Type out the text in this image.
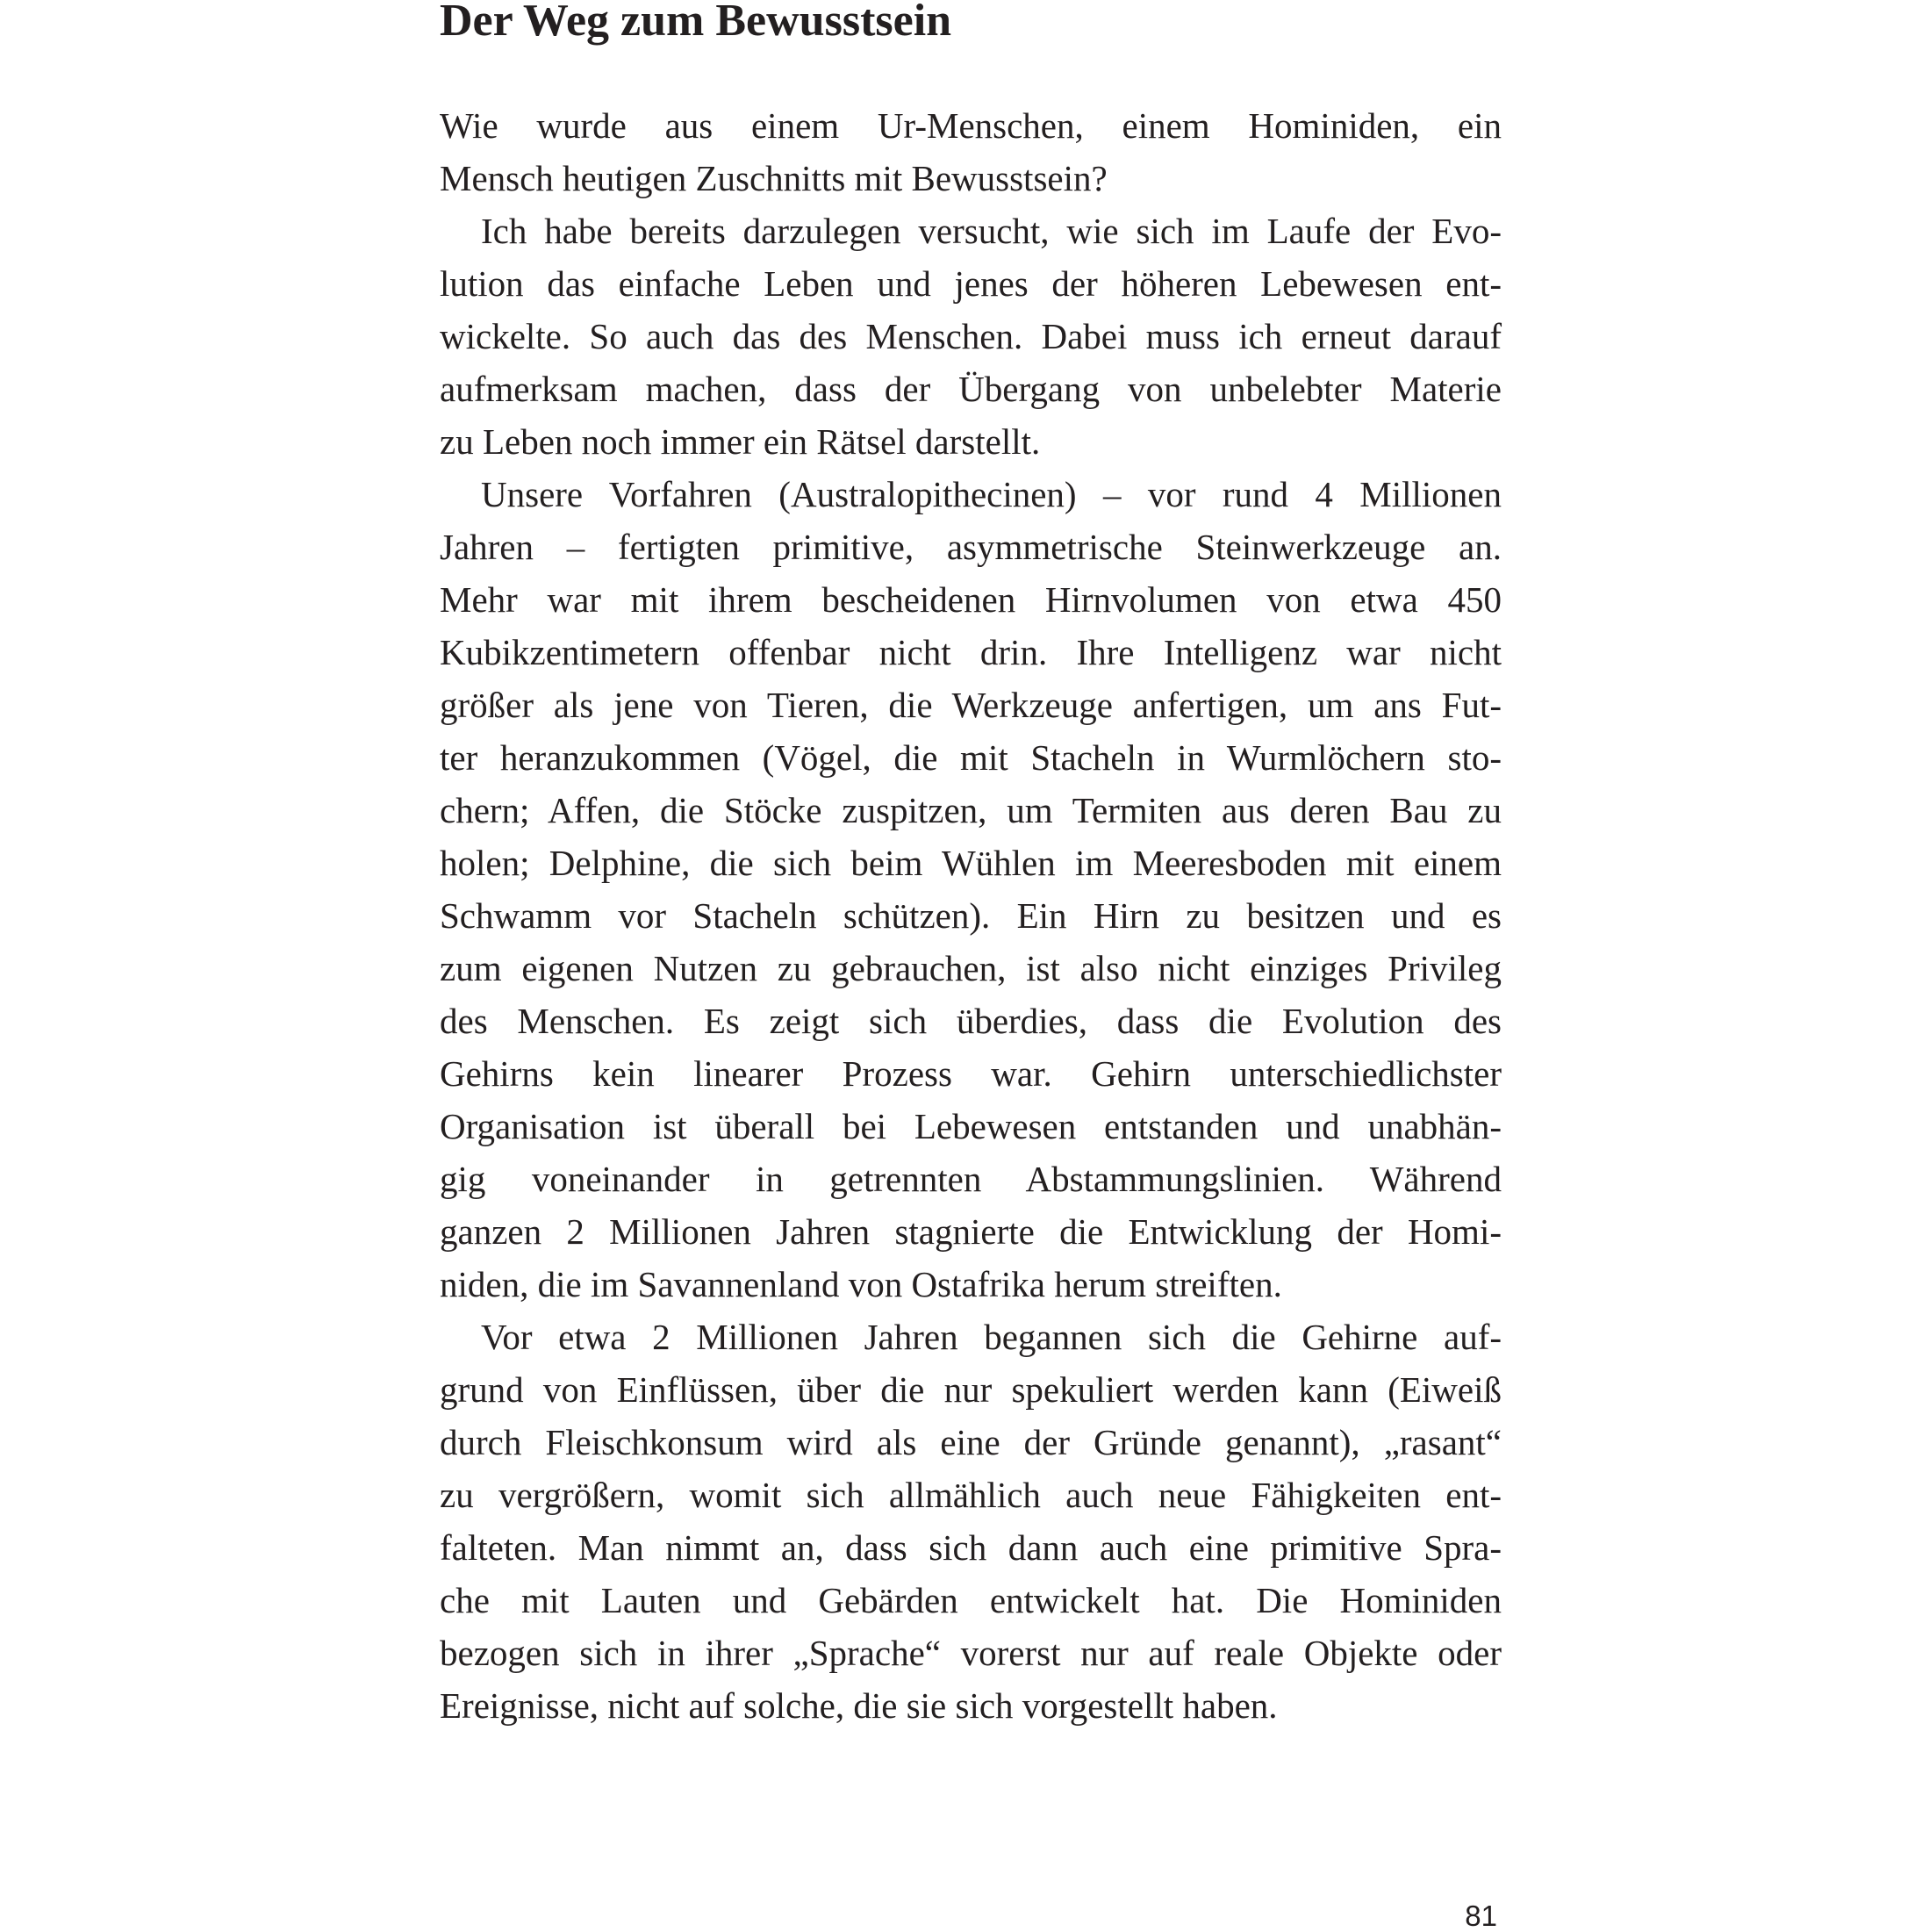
Der Weg zum Bewusstsein
Wie wurde aus einem Ur-Menschen, einem Hominiden, ein
Mensch heutigen Zuschnitts mit Bewusstsein?
Ich habe bereits darzulegen versucht, wie sich im Laufe der Evo-
lution das einfache Leben und jenes der höheren Lebewesen ent-
wickelte. So auch das des Menschen. Dabei muss ich erneut darauf
aufmerksam machen, dass der Übergang von unbelebter Materie
zu Leben noch immer ein Rätsel darstellt.
Unsere Vorfahren (Australopithecinen) – vor rund 4 Millionen
Jahren – fertigten primitive, asymmetrische Steinwerkzeuge an.
Mehr war mit ihrem bescheidenen Hirnvolumen von etwa 450
Kubikzentimetern offenbar nicht drin. Ihre Intelligenz war nicht
größer als jene von Tieren, die Werkzeuge anfertigen, um ans Fut-
ter heranzukommen (Vögel, die mit Stacheln in Wurmlöchern sto-
chern; Affen, die Stöcke zuspitzen, um Termiten aus deren Bau zu
holen; Delphine, die sich beim Wühlen im Meeresboden mit einem
Schwamm vor Stacheln schützen). Ein Hirn zu besitzen und es
zum eigenen Nutzen zu gebrauchen, ist also nicht einziges Privileg
des Menschen. Es zeigt sich überdies, dass die Evolution des
Gehirns kein linearer Prozess war. Gehirn unterschiedlichster
Organisation ist überall bei Lebewesen entstanden und unabhän-
gig voneinander in getrennten Abstammungslinien. Während
ganzen 2 Millionen Jahren stagnierte die Entwicklung der Homi-
niden, die im Savannenland von Ostafrika herum streiften.
Vor etwa 2 Millionen Jahren begannen sich die Gehirne auf-
grund von Einflüssen, über die nur spekuliert werden kann (Eiweiß
durch Fleischkonsum wird als eine der Gründe genannt), „rasant“
zu vergrößern, womit sich allmählich auch neue Fähigkeiten ent-
falteten. Man nimmt an, dass sich dann auch eine primitive Spra-
che mit Lauten und Gebärden entwickelt hat. Die Hominiden
bezogen sich in ihrer „Sprache“ vorerst nur auf reale Objekte oder
Ereignisse, nicht auf solche, die sie sich vorgestellt haben.

81
